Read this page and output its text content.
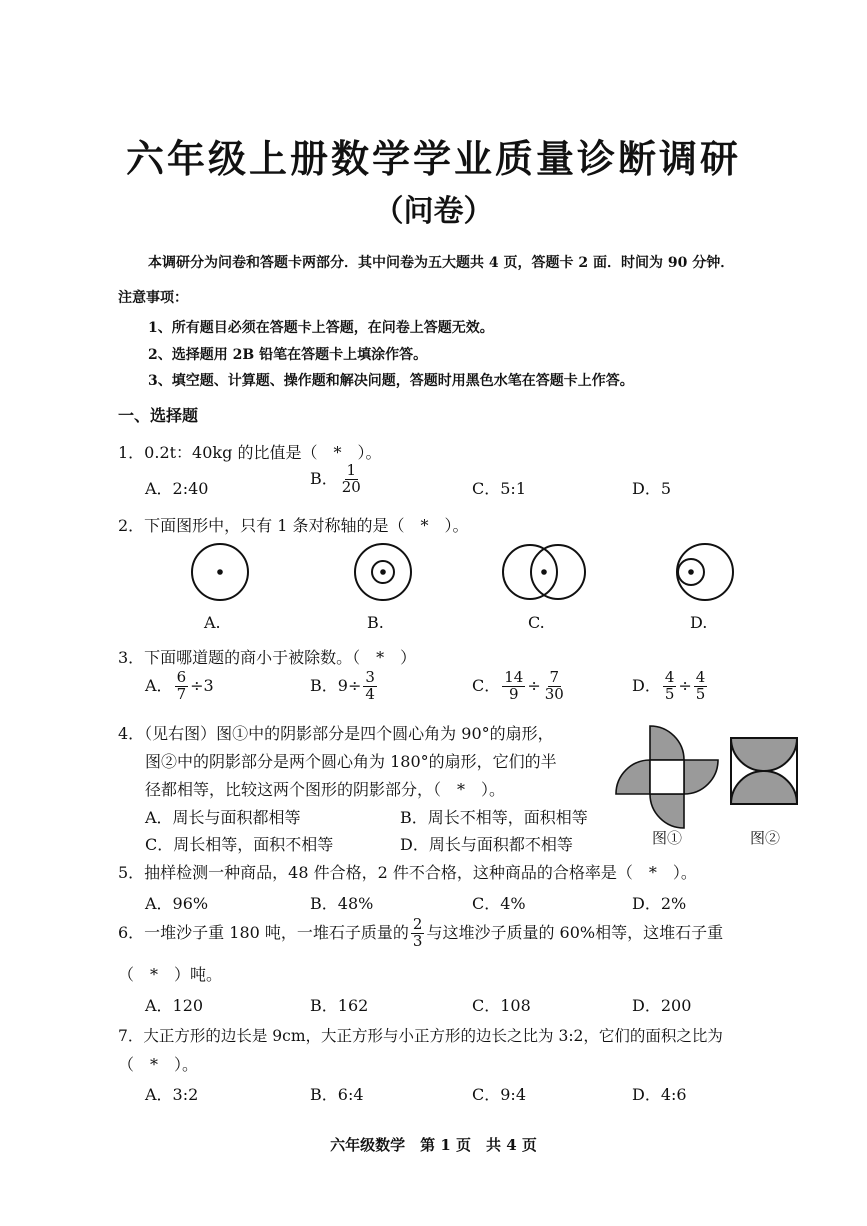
六年级上册数学学业质量诊断调研
（问卷）
本调研分为问卷和答题卡两部分．其中问卷为五大题共 4 页，答题卡 2 面．时间为 90 分钟．
注意事项：
1、所有题目必须在答题卡上答题，在问卷上答题无效。
2、选择题用 2B 铅笔在答题卡上填涂作答。
3、填空题、计算题、操作题和解决问题，答题时用黑色水笔在答题卡上作答。
一、选择题
1．0.2t：40kg 的比值是（　*　）。
A．2:40
B． $\frac{1}{20}$	C．5:1	D．5
2．下面图形中，只有 1 条对称轴的是（　*　）。
A.	B.	C.	D.
3．下面哪道题的商小于被除数。（　*　）
A． $\frac{6}{7} \div 3$	B．$9\div \frac{3}{4}$	C． $\frac{14}{9} \div \frac{7}{30}$	D． $\frac{4}{5} \div \frac{4}{5}$
4．（见右图）图①中的阴影部分是四个圆心角为 90°的扇形，
图②中的阴影部分是两个圆心角为 180°的扇形，它们的半
径都相等，比较这两个图形的阴影部分，（　*　）。
A．周长与面积都相等	B．周长不相等，面积相等
C．周长相等，面积不相等	D．周长与面积都不相等	图①	图②
5．抽样检测一种商品，48 件合格，2 件不合格，这种商品的合格率是（　*　）。
A．96%	B．48%	C．4%	D．2%
6．一堆沙子重 180 吨，一堆石子质量的 $\frac{2}{3}$ 与这堆沙子质量的 60%相等，这堆石子重
（　*　）吨。
A．120	B．162	C．108	D．200
7．大正方形的边长是 9cm，大正方形与小正方形的边长之比为 3:2，它们的面积之比为
（　*　）。
A．3:2	B．6:4	C．9:4	D．4:6
六年级数学　第 1 页　共 4 页
